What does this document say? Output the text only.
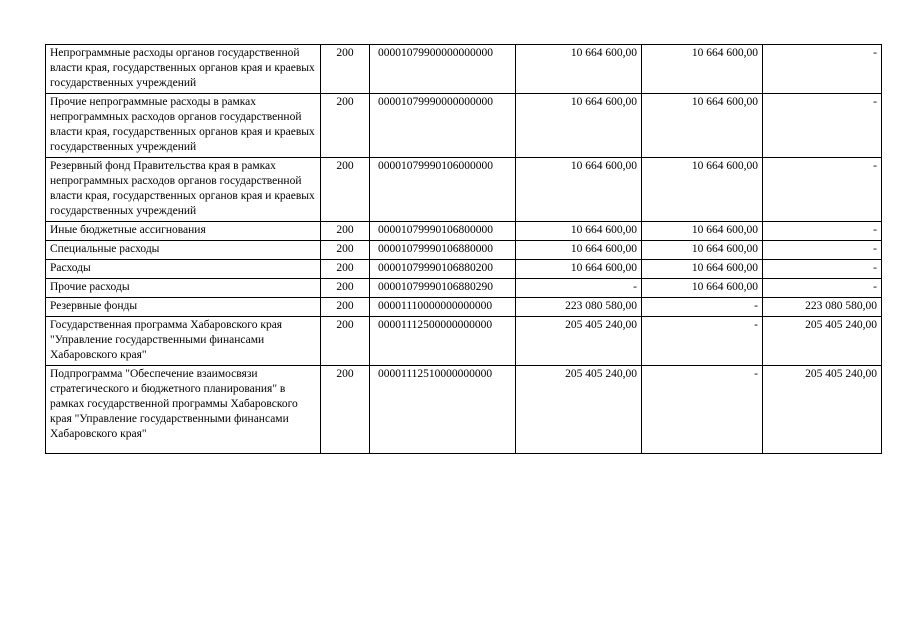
Непрограммные расходы органов государственной власти края, государственных органов края и краевых государственных учреждений	200	00001079900000000000	10 664 600,00	10 664 600,00	-
Прочие непрограммные расходы в рамках непрограммных расходов органов государственной власти края, государственных органов края и краевых государственных учреждений	200	00001079990000000000	10 664 600,00	10 664 600,00	-
Резервный фонд Правительства края в рамках непрограммных расходов органов государственной власти края, государственных органов края и краевых государственных учреждений	200	00001079990106000000	10 664 600,00	10 664 600,00	-
Иные бюджетные ассигнования	200	00001079990106800000	10 664 600,00	10 664 600,00	-
Специальные расходы	200	00001079990106880000	10 664 600,00	10 664 600,00	-
Расходы	200	00001079990106880200	10 664 600,00	10 664 600,00	-
Прочие расходы	200	00001079990106880290	-	10 664 600,00	-
Резервные фонды	200	00001110000000000000	223 080 580,00	-	223 080 580,00
Государственная программа Хабаровского края "Управление государственными финансами Хабаровского края"	200	00001112500000000000	205 405 240,00	-	205 405 240,00
Подпрограмма "Обеспечение взаимосвязи стратегического и бюджетного планирования" в рамках государственной программы Хабаровского края "Управление государственными финансами Хабаровского края"	200	00001112510000000000	205 405 240,00	-	205 405 240,00
